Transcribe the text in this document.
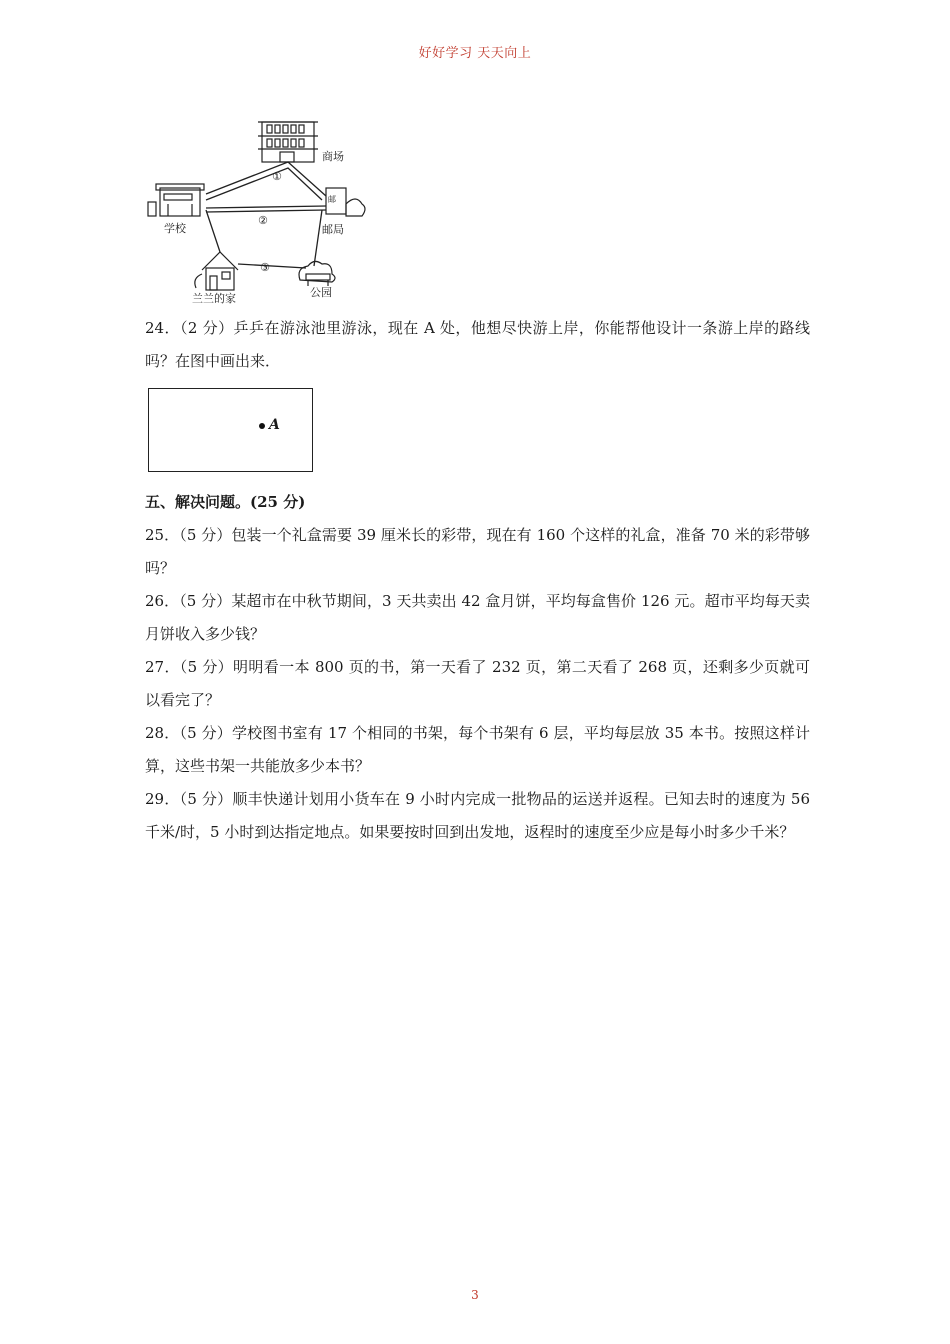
好好学习 天天向上
商场
学校
邮
邮局
兰兰的家	公园
①
②
③

24．（2 分）乒乒在游泳池里游泳，现在 A 处，他想尽快游上岸，你能帮他设计一条游上岸的路线吗？在图中画出来．

A

五、解决问题。(25 分)

25．（5 分）包装一个礼盒需要 39 厘米长的彩带，现在有 160 个这样的礼盒，准备 70 米的彩带够吗？

26．（5 分）某超市在中秋节期间，3 天共卖出 42 盒月饼，平均每盒售价 126 元。超市平均每天卖月饼收入多少钱？

27．（5 分）明明看一本 800 页的书，第一天看了 232 页，第二天看了 268 页，还剩多少页就可以看完了？

28．（5 分）学校图书室有 17 个相同的书架，每个书架有 6 层，平均每层放 35 本书。按照这样计算，这些书架一共能放多少本书？

29．（5 分）顺丰快递计划用小货车在 9 小时内完成一批物品的运送并返程。已知去时的速度为 56 千米/时，5 小时到达指定地点。如果要按时回到出发地，返程时的速度至少应是每小时多少千米？

3
